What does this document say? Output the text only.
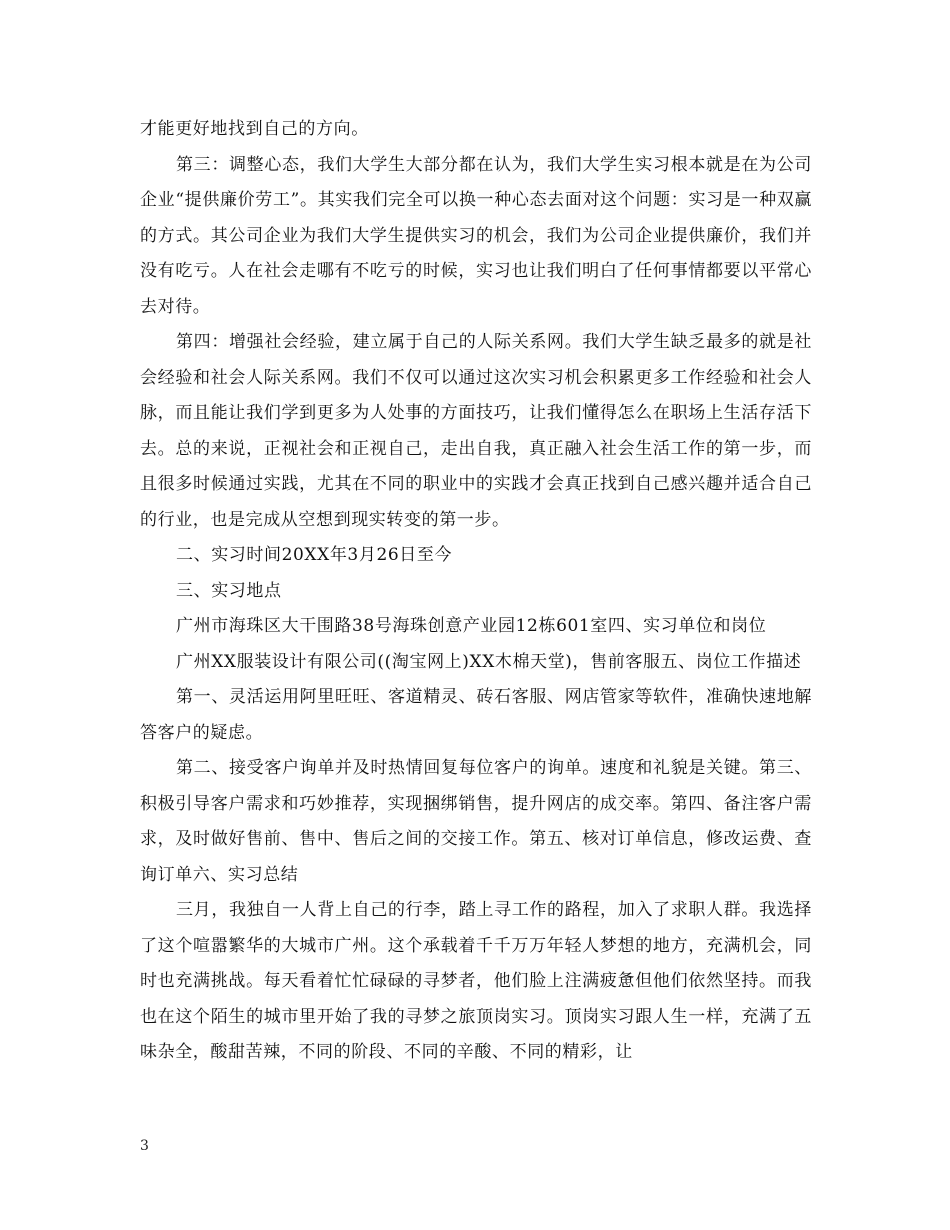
才能更好地找到自己的方向。

第三：调整心态，我们大学生大部分都在认为，我们大学生实习根本就是在为公司企业“提供廉价劳工”。其实我们完全可以换一种心态去面对这个问题：实习是一种双赢的方式。其公司企业为我们大学生提供实习的机会，我们为公司企业提供廉价，我们并没有吃亏。人在社会走哪有不吃亏的时候，实习也让我们明白了任何事情都要以平常心去对待。

第四：增强社会经验，建立属于自己的人际关系网。我们大学生缺乏最多的就是社会经验和社会人际关系网。我们不仅可以通过这次实习机会积累更多工作经验和社会人脉，而且能让我们学到更多为人处事的方面技巧，让我们懂得怎么在职场上生活存活下去。总的来说，正视社会和正视自己，走出自我，真正融入社会生活工作的第一步，而且很多时候通过实践，尤其在不同的职业中的实践才会真正找到自己感兴趣并适合自己的行业，也是完成从空想到现实转变的第一步。

二、实习时间20XX年3月26日至今

三、实习地点

广州市海珠区大干围路38号海珠创意产业园12栋601室四、实习单位和岗位

广州XX服装设计有限公司((淘宝网上)XX木棉天堂)，售前客服五、岗位工作描述

第一、灵活运用阿里旺旺、客道精灵、砖石客服、网店管家等软件，准确快速地解答客户的疑虑。

第二、接受客户询单并及时热情回复每位客户的询单。速度和礼貌是关键。第三、积极引导客户需求和巧妙推荐，实现捆绑销售，提升网店的成交率。第四、备注客户需求，及时做好售前、售中、售后之间的交接工作。第五、核对订单信息，修改运费、查询订单六、实习总结

三月，我独自一人背上自己的行李，踏上寻工作的路程，加入了求职人群。我选择了这个喧嚣繁华的大城市广州。这个承载着千千万万年轻人梦想的地方，充满机会，同时也充满挑战。每天看着忙忙碌碌的寻梦者，他们脸上注满疲惫但他们依然坚持。而我也在这个陌生的城市里开始了我的寻梦之旅顶岗实习。顶岗实习跟人生一样，充满了五味杂全，酸甜苦辣，不同的阶段、不同的辛酸、不同的精彩，让

3
